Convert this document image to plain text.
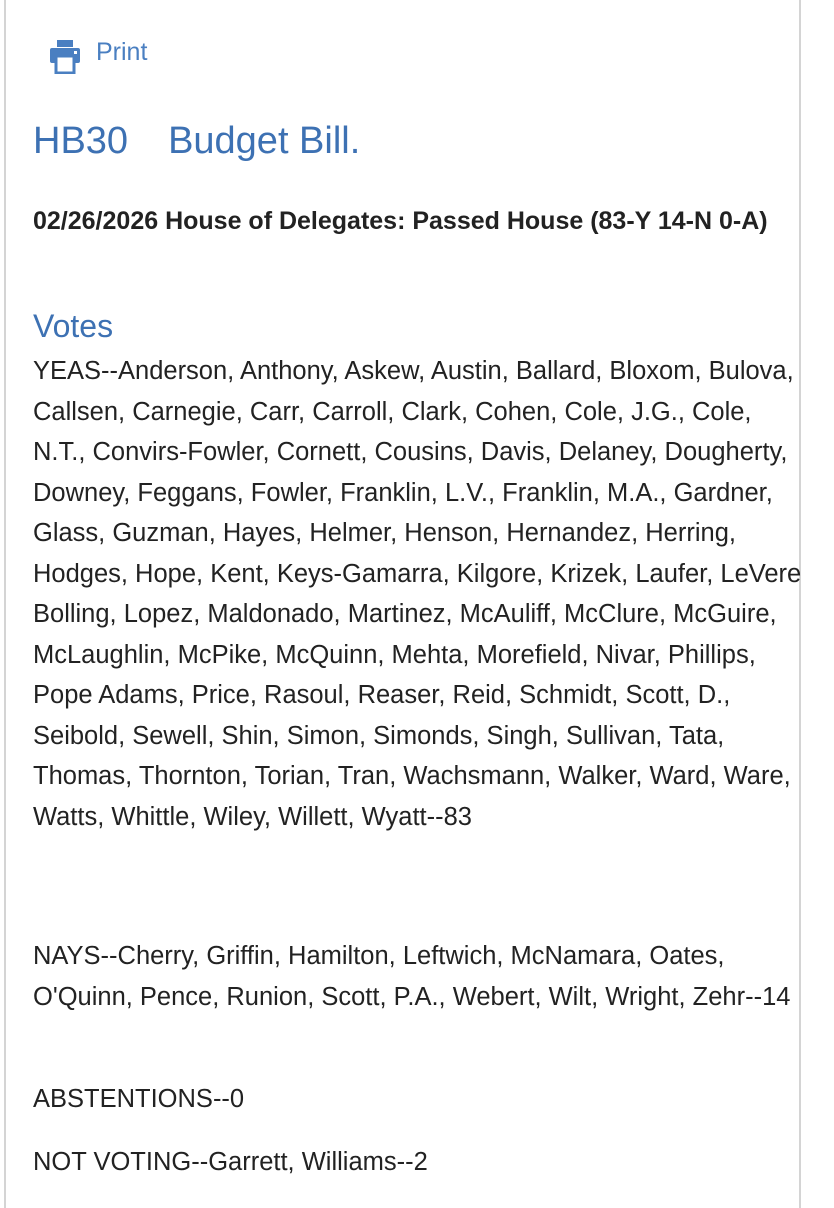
Print
HB30 Budget Bill.

02/26/2026 House of Delegates: Passed House (83-Y 14-N 0-A)

Votes

YEAS--Anderson, Anthony, Askew, Austin, Ballard, Bloxom, Bulova, Callsen, Carnegie, Carr, Carroll, Clark, Cohen, Cole, J.G., Cole, N.T., Convirs-Fowler, Cornett, Cousins, Davis, Delaney, Dougherty, Downey, Feggans, Fowler, Franklin, L.V., Franklin, M.A., Gardner, Glass, Guzman, Hayes, Helmer, Henson, Hernandez, Herring, Hodges, Hope, Kent, Keys-Gamarra, Kilgore, Krizek, Laufer, LeVere Bolling, Lopez, Maldonado, Martinez, McAuliff, McClure, McGuire, McLaughlin, McPike, McQuinn, Mehta, Morefield, Nivar, Phillips, Pope Adams, Price, Rasoul, Reaser, Reid, Schmidt, Scott, D., Seibold, Sewell, Shin, Simon, Simonds, Singh, Sullivan, Tata, Thomas, Thornton, Torian, Tran, Wachsmann, Walker, Ward, Ware, Watts, Whittle, Wiley, Willett, Wyatt--83

NAYS--Cherry, Griffin, Hamilton, Leftwich, McNamara, Oates, O'Quinn, Pence, Runion, Scott, P.A., Webert, Wilt, Wright, Zehr--14

ABSTENTIONS--0

NOT VOTING--Garrett, Williams--2
